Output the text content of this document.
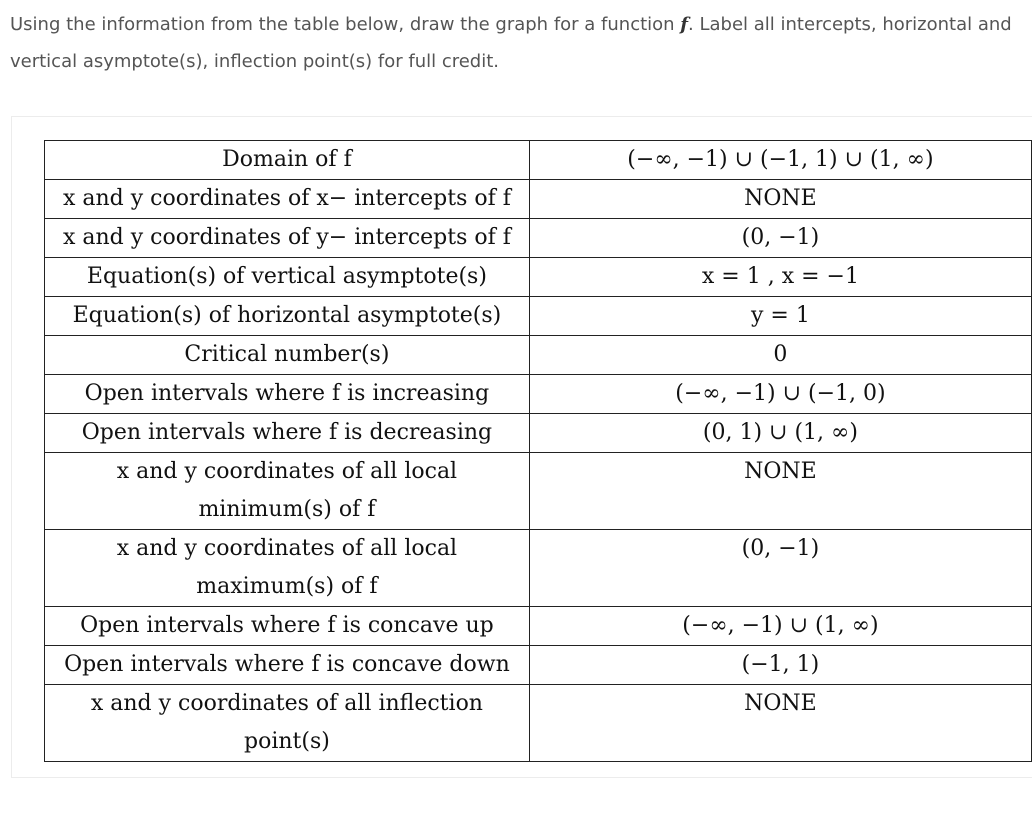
Using the information from the table below, draw the graph for a function f. Label all intercepts, horizontal and
vertical asymptote(s), inflection point(s) for full credit.
Domain of f	(−∞, −1) ∪ (−1, 1) ∪ (1, ∞)

x and y coordinates of x− intercepts of f	NONE

x and y coordinates of y− intercepts of f	(0, −1)

Equation(s) of vertical asymptote(s)	x = 1 , x = −1

Equation(s) of horizontal asymptote(s)	y = 1

Critical number(s)	0

Open intervals where f is increasing	(−∞, −1) ∪ (−1, 0)

Open intervals where f is decreasing	(0, 1) ∪ (1, ∞)

x and y coordinates of all local
minimum(s) of f	NONE

x and y coordinates of all local
maximum(s) of f	(0, −1)

Open intervals where f is concave up	(−∞, −1) ∪ (1, ∞)

Open intervals where f is concave down	(−1, 1)

x and y coordinates of all inflection
point(s)	NONE
